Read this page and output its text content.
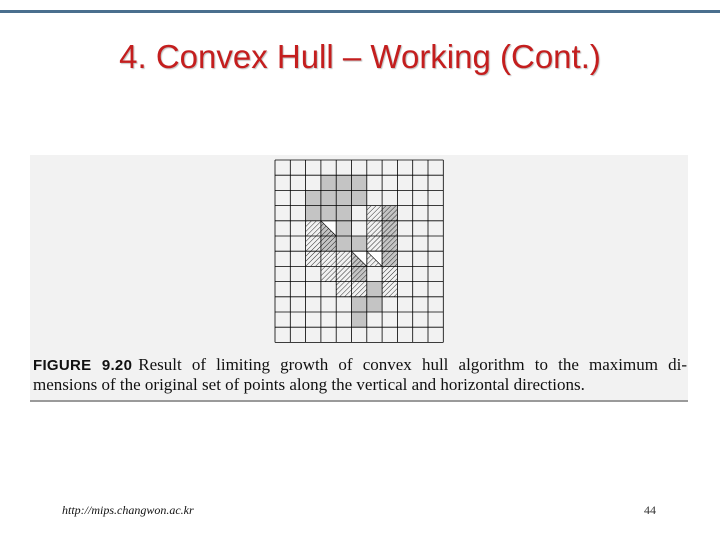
4. Convex Hull – Working (Cont.)
FIGURE 9.20 Result of limiting growth of convex hull algorithm to the maximum di-
mensions of the original set of points along the vertical and horizontal directions.
http://mips.changwon.ac.kr	44
